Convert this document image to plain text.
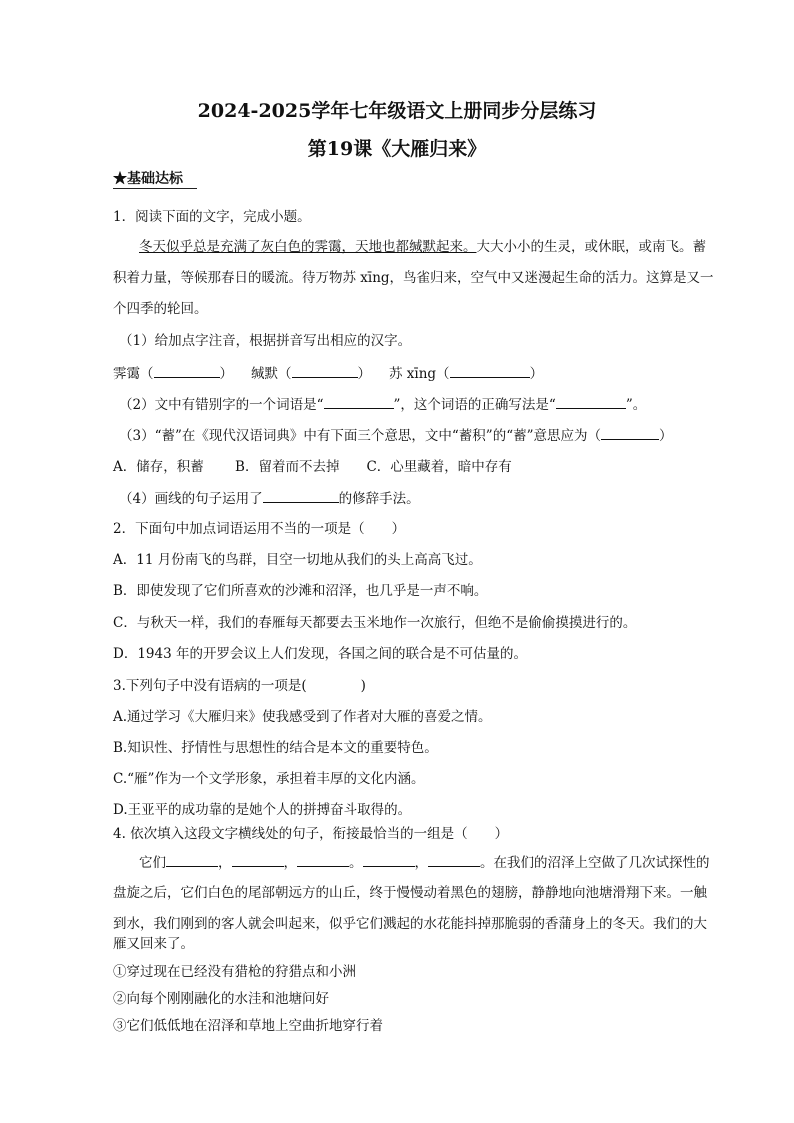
2024-2025学年七年级语文上册同步分层练习
第19课《大雁归来》
★基础达标
1．阅读下面的文字，完成小题。
冬天似乎总是充满了灰白色的霁霭，天地也都缄默起来。大大小小的生灵，或休眠，或南飞。蓄
积着力量，等候那春日的暖流。待万物苏 xīng，鸟雀归来，空气中又迷漫起生命的活力。这算是又一
个四季的轮回。
（1）给加点字注音，根据拼音写出相应的汉字。
霁霭（	） 缄默（	） 苏 xīng（	）
（2）文中有错别字的一个词语是“	”，这个词语的正确写法是“	”。
（3）“蓄”在《现代汉语词典》中有下面三个意思，文中“蓄积”的“蓄”意思应为（	）
A．储存，积蓄　　 B．留着而不去掉　　C．心里藏着，暗中存有
（4）画线的句子运用了	的修辞手法。
2．下面句中加点词语运用不当的一项是（　　）
A．11 月份南飞的鸟群，目空一切地从我们的头上高高飞过。
B．即使发现了它们所喜欢的沙滩和沼泽，也几乎是一声不响。
C．与秋天一样，我们的春雁每天都要去玉米地作一次旅行，但绝不是偷偷摸摸进行的。
D．1943 年的开罗会议上人们发现，各国之间的联合是不可估量的。
3.下列句子中没有语病的一项是(　　　　)
A.通过学习《大雁归来》使我感受到了作者对大雁的喜爱之情。
B.知识性、抒情性与思想性的结合是本文的重要特色。
C.“雁”作为一个文学形象，承担着丰厚的文化内涵。
D.王亚平的成功靠的是她个人的拼搏奋斗取得的。
4. 依次填入这段文字横线处的句子，衔接最恰当的一组是（　　）
它们	，	，	。	，	。在我们的沼泽上空做了几次试探性的
盘旋之后，它们白色的尾部朝远方的山丘，终于慢慢动着黑色的翅膀，静静地向池塘滑翔下来。一触
到水，我们刚到的客人就会叫起来，似乎它们溅起的水花能抖掉那脆弱的香蒲身上的冬天。我们的大
雁又回来了。
①穿过现在已经没有猎枪的狩猎点和小洲
②向每个刚刚融化的水洼和池塘问好
③它们低低地在沼泽和草地上空曲折地穿行着
